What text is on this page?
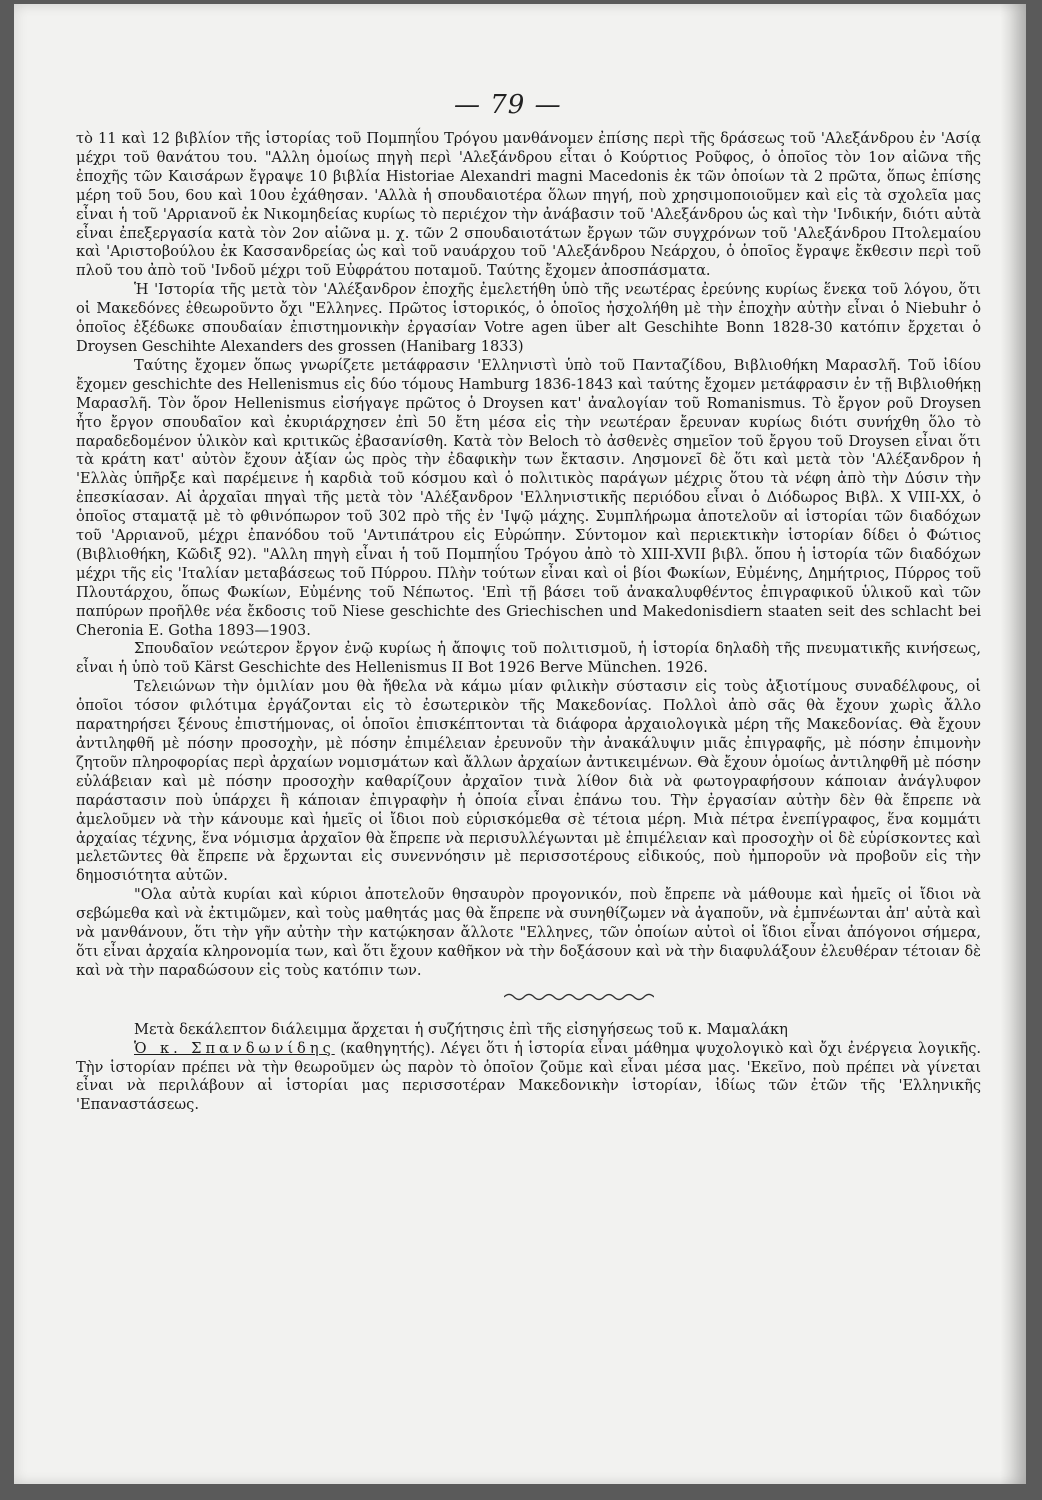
— 79 —

τὸ 11 καὶ 12 βιβλίον τῆς ἱστορίας τοῦ Πομπηΐου Τρόγου μανθάνομεν ἐπίσης περὶ τῆς δράσεως τοῦ 'Αλεξάνδρου ἐν 'Ασίᾳ μέχρι τοῦ θανάτου του. "Αλλη ὁμοίως πηγὴ περὶ 'Αλεξάνδρου εἶται ὁ Κούρτιος Ροῦφος, ὁ ὁποῖος τὸν 1ον αἰῶνα τῆς ἐποχῆς τῶν Καισάρων ἔγραψε 10 βιβλία Historiae Alexandri magni Macedonis ἐκ τῶν ὁποίων τὰ 2 πρῶτα, ὅπως ἐπίσης μέρη τοῦ 5ου, 6ου καὶ 10ου ἐχάθησαν. 'Αλλὰ ἡ σπουδαιοτέρα ὅλων πηγή, ποὺ χρησιμοποιοῦμεν καὶ εἰς τὰ σχολεῖα μας εἶναι ἡ τοῦ 'Αρριανοῦ ἐκ Νικομηδείας κυρίως τὸ περιέχον τὴν ἀνάβασιν τοῦ 'Αλεξάνδρου ὡς καὶ τὴν 'Ινδικήν, διότι αὐτὰ εἶναι ἐπεξεργασία κατὰ τὸν 2ον αἰῶνα μ. χ. τῶν 2 σπουδαιοτάτων ἔργων τῶν συγχρόνων τοῦ 'Αλεξάνδρου Πτολεμαίου καὶ 'Αριστοβούλου ἐκ Κασσανδρείας ὡς καὶ τοῦ ναυάρχου τοῦ 'Αλεξάνδρου Νεάρχου, ὁ ὁποῖος ἔγραψε ἔκθεσιν περὶ τοῦ πλοῦ του ἀπὸ τοῦ 'Ινδοῦ μέχρι τοῦ Εὐφράτου ποταμοῦ. Ταύτης ἔχομεν ἀποσπάσματα.

Ἡ 'Ιστορία τῆς μετὰ τὸν 'Αλέξανδρον ἐποχῆς ἐμελετήθη ὑπὸ τῆς νεωτέρας ἐρεύνης κυρίως ἕνεκα τοῦ λόγου, ὅτι οἱ Μακεδόνες ἐθεωροῦντο ὄχι "Ελληνες. Πρῶτος ἱστορικός, ὁ ὁποῖος ἠσχολήθη μὲ τὴν ἐποχὴν αὐτὴν εἶναι ὁ Niebuhr ὁ ὁποῖος ἐξέδωκε σπουδαίαν ἐπιστημονικὴν ἐργασίαν Votre agen über alt Geschihte Bonn 1828-30 κατόπιν ἔρχεται ὁ Droysen Geschihte Alexanders des grossen (Hanibarg 1833)

Ταύτης ἔχομεν ὅπως γνωρίζετε μετάφρασιν 'Ελληνιστὶ ὑπὸ τοῦ Πανταζίδου, Βιβλιοθήκη Μαρασλῆ. Τοῦ ἰδίου ἔχομεν geschichte des Hellenismus εἰς δύο τόμους Hamburg 1836-1843 καὶ ταύτης ἔχομεν μετάφρασιν ἐν τῇ Βιβλιοθήκῃ Μαρασλῆ. Τὸν ὅρον Hellenismus εἰσήγαγε πρῶτος ὁ Droysen κατ' ἀναλογίαν τοῦ Romanismus. Τὸ ἔργον ροῦ Droysen ἦτο ἔργον σπουδαῖον καὶ ἐκυριάρχησεν ἐπὶ 50 ἔτη μέσα εἰς τὴν νεωτέραν ἔρευναν κυρίως διότι συνήχθη ὅλο τὸ παραδεδομένον ὑλικὸν καὶ κριτικῶς ἐβασανίσθη. Κατὰ τὸν Beloch τὸ ἀσθενὲς σημεῖον τοῦ ἔργου τοῦ Droysen εἶναι ὅτι τὰ κράτη κατ' αὐτὸν ἔχουν ἀξίαν ὡς πρὸς τὴν ἐδαφικὴν των ἔκτασιν. Λησμονεῖ δὲ ὅτι καὶ μετὰ τὸν 'Αλέξανδρον ἡ 'Ελλὰς ὑπῆρξε καὶ παρέμεινε ἡ καρδιὰ τοῦ κόσμου καὶ ὁ πολιτικὸς παράγων μέχρις ὅτου τὰ νέφη ἀπὸ τὴν Δύσιν τὴν ἐπεσκίασαν. Αἱ ἀρχαῖαι πηγαὶ τῆς μετὰ τὸν 'Αλέξανδρον 'Ελληνιστικῆς περιόδου εἶναι ὁ Διόδωρος Βιβλ. X VIII-XX, ὁ ὁποῖος σταματᾷ μὲ τὸ φθινόπωρον τοῦ 302 πρὸ τῆς ἐν 'Ιψῷ μάχης. Συμπλήρωμα ἀποτελοῦν αἱ ἱστορίαι τῶν διαδόχων τοῦ 'Αρριανοῦ, μέχρι ἐπανόδου τοῦ 'Αντιπάτρου εἰς Εὐρώπην. Σύντομον καὶ περιεκτικὴν ἱστορίαν δίδει ὁ Φώτιος (Βιβλιοθήκη, Κῶδιξ 92). "Αλλη πηγὴ εἶναι ἡ τοῦ Πομπηΐου Τρόγου ἀπὸ τὸ XIII-XVII βιβλ. ὅπου ἡ ἱστορία τῶν διαδόχων μέχρι τῆς εἰς 'Ιταλίαν μεταβάσεως τοῦ Πύρρου. Πλὴν τούτων εἶναι καὶ οἱ βίοι Φωκίων, Εὐμένης, Δημήτριος, Πύρρος τοῦ Πλουτάρχου, ὅπως Φωκίων, Εὐμένης τοῦ Νέπωτος. 'Επὶ τῇ βάσει τοῦ ἀνακαλυφθέντος ἐπιγραφικοῦ ὑλικοῦ καὶ τῶν παπύρων προῆλθε νέα ἔκδοσις τοῦ Niese geschichte des Griechischen und Makedonisdiern staaten seit des schlacht bei Cheronia E. Gotha 1893—1903.

Σπουδαῖον νεώτερον ἔργον ἐνῷ κυρίως ἡ ἄποψις τοῦ πολιτισμοῦ, ἡ ἱστορία δηλαδὴ τῆς πνευματικῆς κινήσεως, εἶναι ἡ ὑπὸ τοῦ Kärst Geschichte des Hellenismus II Bot 1926 Berve München. 1926.

Τελειώνων τὴν ὁμιλίαν μου θὰ ἤθελα νὰ κάμω μίαν φιλικὴν σύστασιν εἰς τοὺς ἀξιοτίμους συναδέλφους, οἱ ὁποῖοι τόσον φιλότιμα ἐργάζονται εἰς τὸ ἐσωτερικὸν τῆς Μακεδονίας. Πολλοὶ ἀπὸ σᾶς θὰ ἔχουν χωρὶς ἄλλο παρατηρήσει ξένους ἐπιστήμονας, οἱ ὁποῖοι ἐπισκέπτονται τὰ διάφορα ἀρχαιολογικὰ μέρη τῆς Μακεδονίας. Θὰ ἔχουν ἀντιληφθῆ μὲ πόσην προσοχὴν, μὲ πόσην ἐπιμέλειαν ἐρευνοῦν τὴν ἀνακάλυψιν μιᾶς ἐπιγραφῆς, μὲ πόσην ἐπιμονὴν ζητοῦν πληροφορίας περὶ ἀρχαίων νομισμάτων καὶ ἄλλων ἀρχαίων ἀντικειμένων. Θὰ ἔχουν ὁμοίως ἀντιληφθῆ μὲ πόσην εὐλάβειαν καὶ μὲ πόσην προσοχὴν καθαρίζουν ἀρχαῖον τινὰ λίθον διὰ νὰ φωτογραφήσουν κάποιαν ἀνάγλυφον παράστασιν ποὺ ὑπάρχει ἢ κάποιαν ἐπιγραφὴν ἡ ὁποία εἶναι ἐπάνω του. Τὴν ἐργασίαν αὐτὴν δὲν θὰ ἔπρεπε νὰ ἀμελοῦμεν νὰ τὴν κάνουμε καὶ ἡμεῖς οἱ ἴδιοι ποὺ εὑρισκόμεθα σὲ τέτοια μέρη. Μιὰ πέτρα ἐνεπίγραφος, ἕνα κομμάτι ἀρχαίας τέχνης, ἕνα νόμισμα ἀρχαῖον θὰ ἔπρεπε νὰ περισυλλέγωνται μὲ ἐπιμέλειαν καὶ προσοχὴν οἱ δὲ εὑρίσκοντες καὶ μελετῶντες θὰ ἔπρεπε νὰ ἔρχωνται εἰς συνεννόησιν μὲ περισσοτέρους εἰδικούς, ποὺ ἠμποροῦν νὰ προβοῦν εἰς τὴν δημοσιότητα αὐτῶν.

"Ολα αὐτὰ κυρίαι καὶ κύριοι ἀποτελοῦν θησαυρὸν προγονικόν, ποὺ ἔπρεπε νὰ μάθουμε καὶ ἡμεῖς οἱ ἴδιοι νὰ σεβώμεθα καὶ νὰ ἐκτιμῶμεν, καὶ τοὺς μαθητάς μας θὰ ἔπρεπε νὰ συνηθίζωμεν νὰ ἀγαποῦν, νὰ ἐμπνέωνται ἀπ' αὐτὰ καὶ νὰ μανθάνουν, ὅτι τὴν γῆν αὐτὴν τὴν κατῴκησαν ἄλλοτε "Ελληνες, τῶν ὁποίων αὐτοὶ οἱ ἴδιοι εἶναι ἀπόγονοι σήμερα, ὅτι εἶναι ἀρχαία κληρονομία των, καὶ ὅτι ἔχουν καθῆκον νὰ τὴν δοξάσουν καὶ νὰ τὴν διαφυλάξουν ἐλευθέραν τέτοιαν δὲ καὶ νὰ τὴν παραδώσουν εἰς τοὺς κατόπιν των.

Μετὰ δεκάλεπτον διάλειμμα ἄρχεται ἡ συζήτησις ἐπὶ τῆς εἰσηγήσεως τοῦ κ. Μαμαλάκη

Ὁ κ. Σπανδωνίδης (καθηγητής). Λέγει ὅτι ἡ ἱστορία εἶναι μάθημα ψυχολογικὸ καὶ ὄχι ἐνέργεια λογικῆς. Τὴν ἱστορίαν πρέπει νὰ τὴν θεωροῦμεν ὡς παρὸν τὸ ὁποῖον ζοῦμε καὶ εἶναι μέσα μας. 'Εκεῖνο, ποὺ πρέπει νὰ γίνεται εἶναι νὰ περιλάβουν αἱ ἱστορίαι μας περισσοτέραν Μακεδονικὴν ἱστορίαν, ἰδίως τῶν ἐτῶν τῆς 'Ελληνικῆς 'Επαναστάσεως.
